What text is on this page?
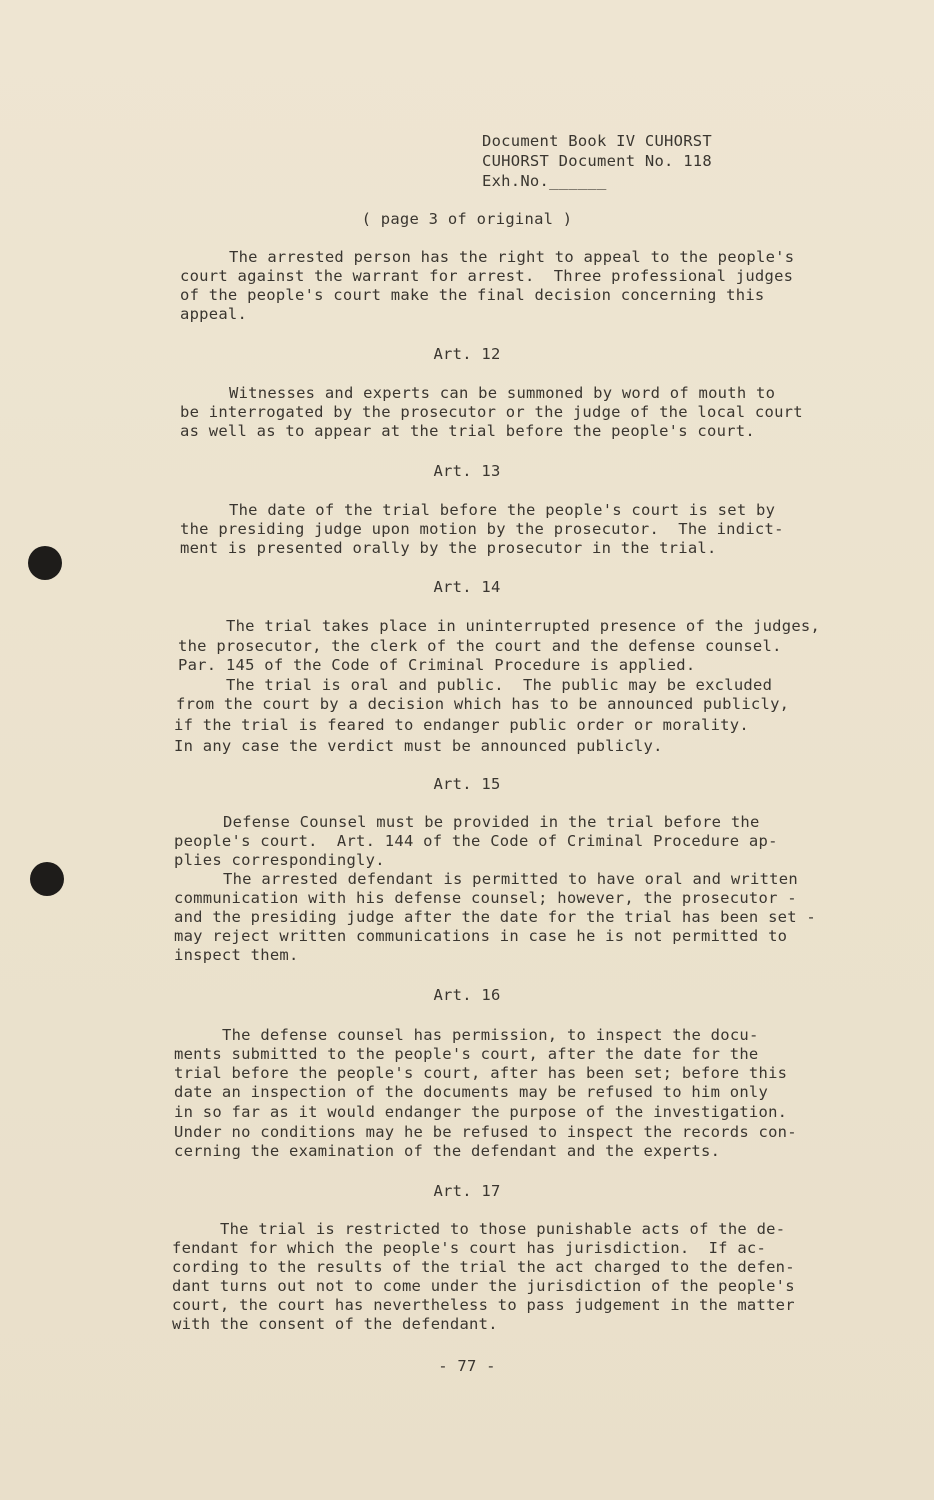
Document Book IV CUHORST
CUHORST Document No. 118
Exh.No.______
( page 3 of original )
The arrested person has the right to appeal to the people's
court against the warrant for arrest.  Three professional judges
of the people's court make the final decision concerning this
appeal.
Art. 12
Witnesses and experts can be summoned by word of mouth to
be interrogated by the prosecutor or the judge of the local court
as well as to appear at the trial before the people's court.
Art. 13
The date of the trial before the people's court is set by
the presiding judge upon motion by the prosecutor.  The indict-
ment is presented orally by the prosecutor in the trial.
Art. 14
The trial takes place in uninterrupted presence of the judges,
the prosecutor, the clerk of the court and the defense counsel.
Par. 145 of the Code of Criminal Procedure is applied.
The trial is oral and public.  The public may be excluded
from the court by a decision which has to be announced publicly,
if the trial is feared to endanger public order or morality.
In any case the verdict must be announced publicly.
Art. 15
Defense Counsel must be provided in the trial before the
people's court.  Art. 144 of the Code of Criminal Procedure ap-
plies correspondingly.
The arrested defendant is permitted to have oral and written
communication with his defense counsel; however, the prosecutor -
and the presiding judge after the date for the trial has been set -
may reject written communications in case he is not permitted to
inspect them.
Art. 16
The defense counsel has permission, to inspect the docu-
ments submitted to the people's court, after the date for the
trial before the people's court, after has been set; before this
date an inspection of the documents may be refused to him only
in so far as it would endanger the purpose of the investigation.
Under no conditions may he be refused to inspect the records con-
cerning the examination of the defendant and the experts.
Art. 17
The trial is restricted to those punishable acts of the de-
fendant for which the people's court has jurisdiction.  If ac-
cording to the results of the trial the act charged to the defen-
dant turns out not to come under the jurisdiction of the people's
court, the court has nevertheless to pass judgement in the matter
with the consent of the defendant.
- 77 -
